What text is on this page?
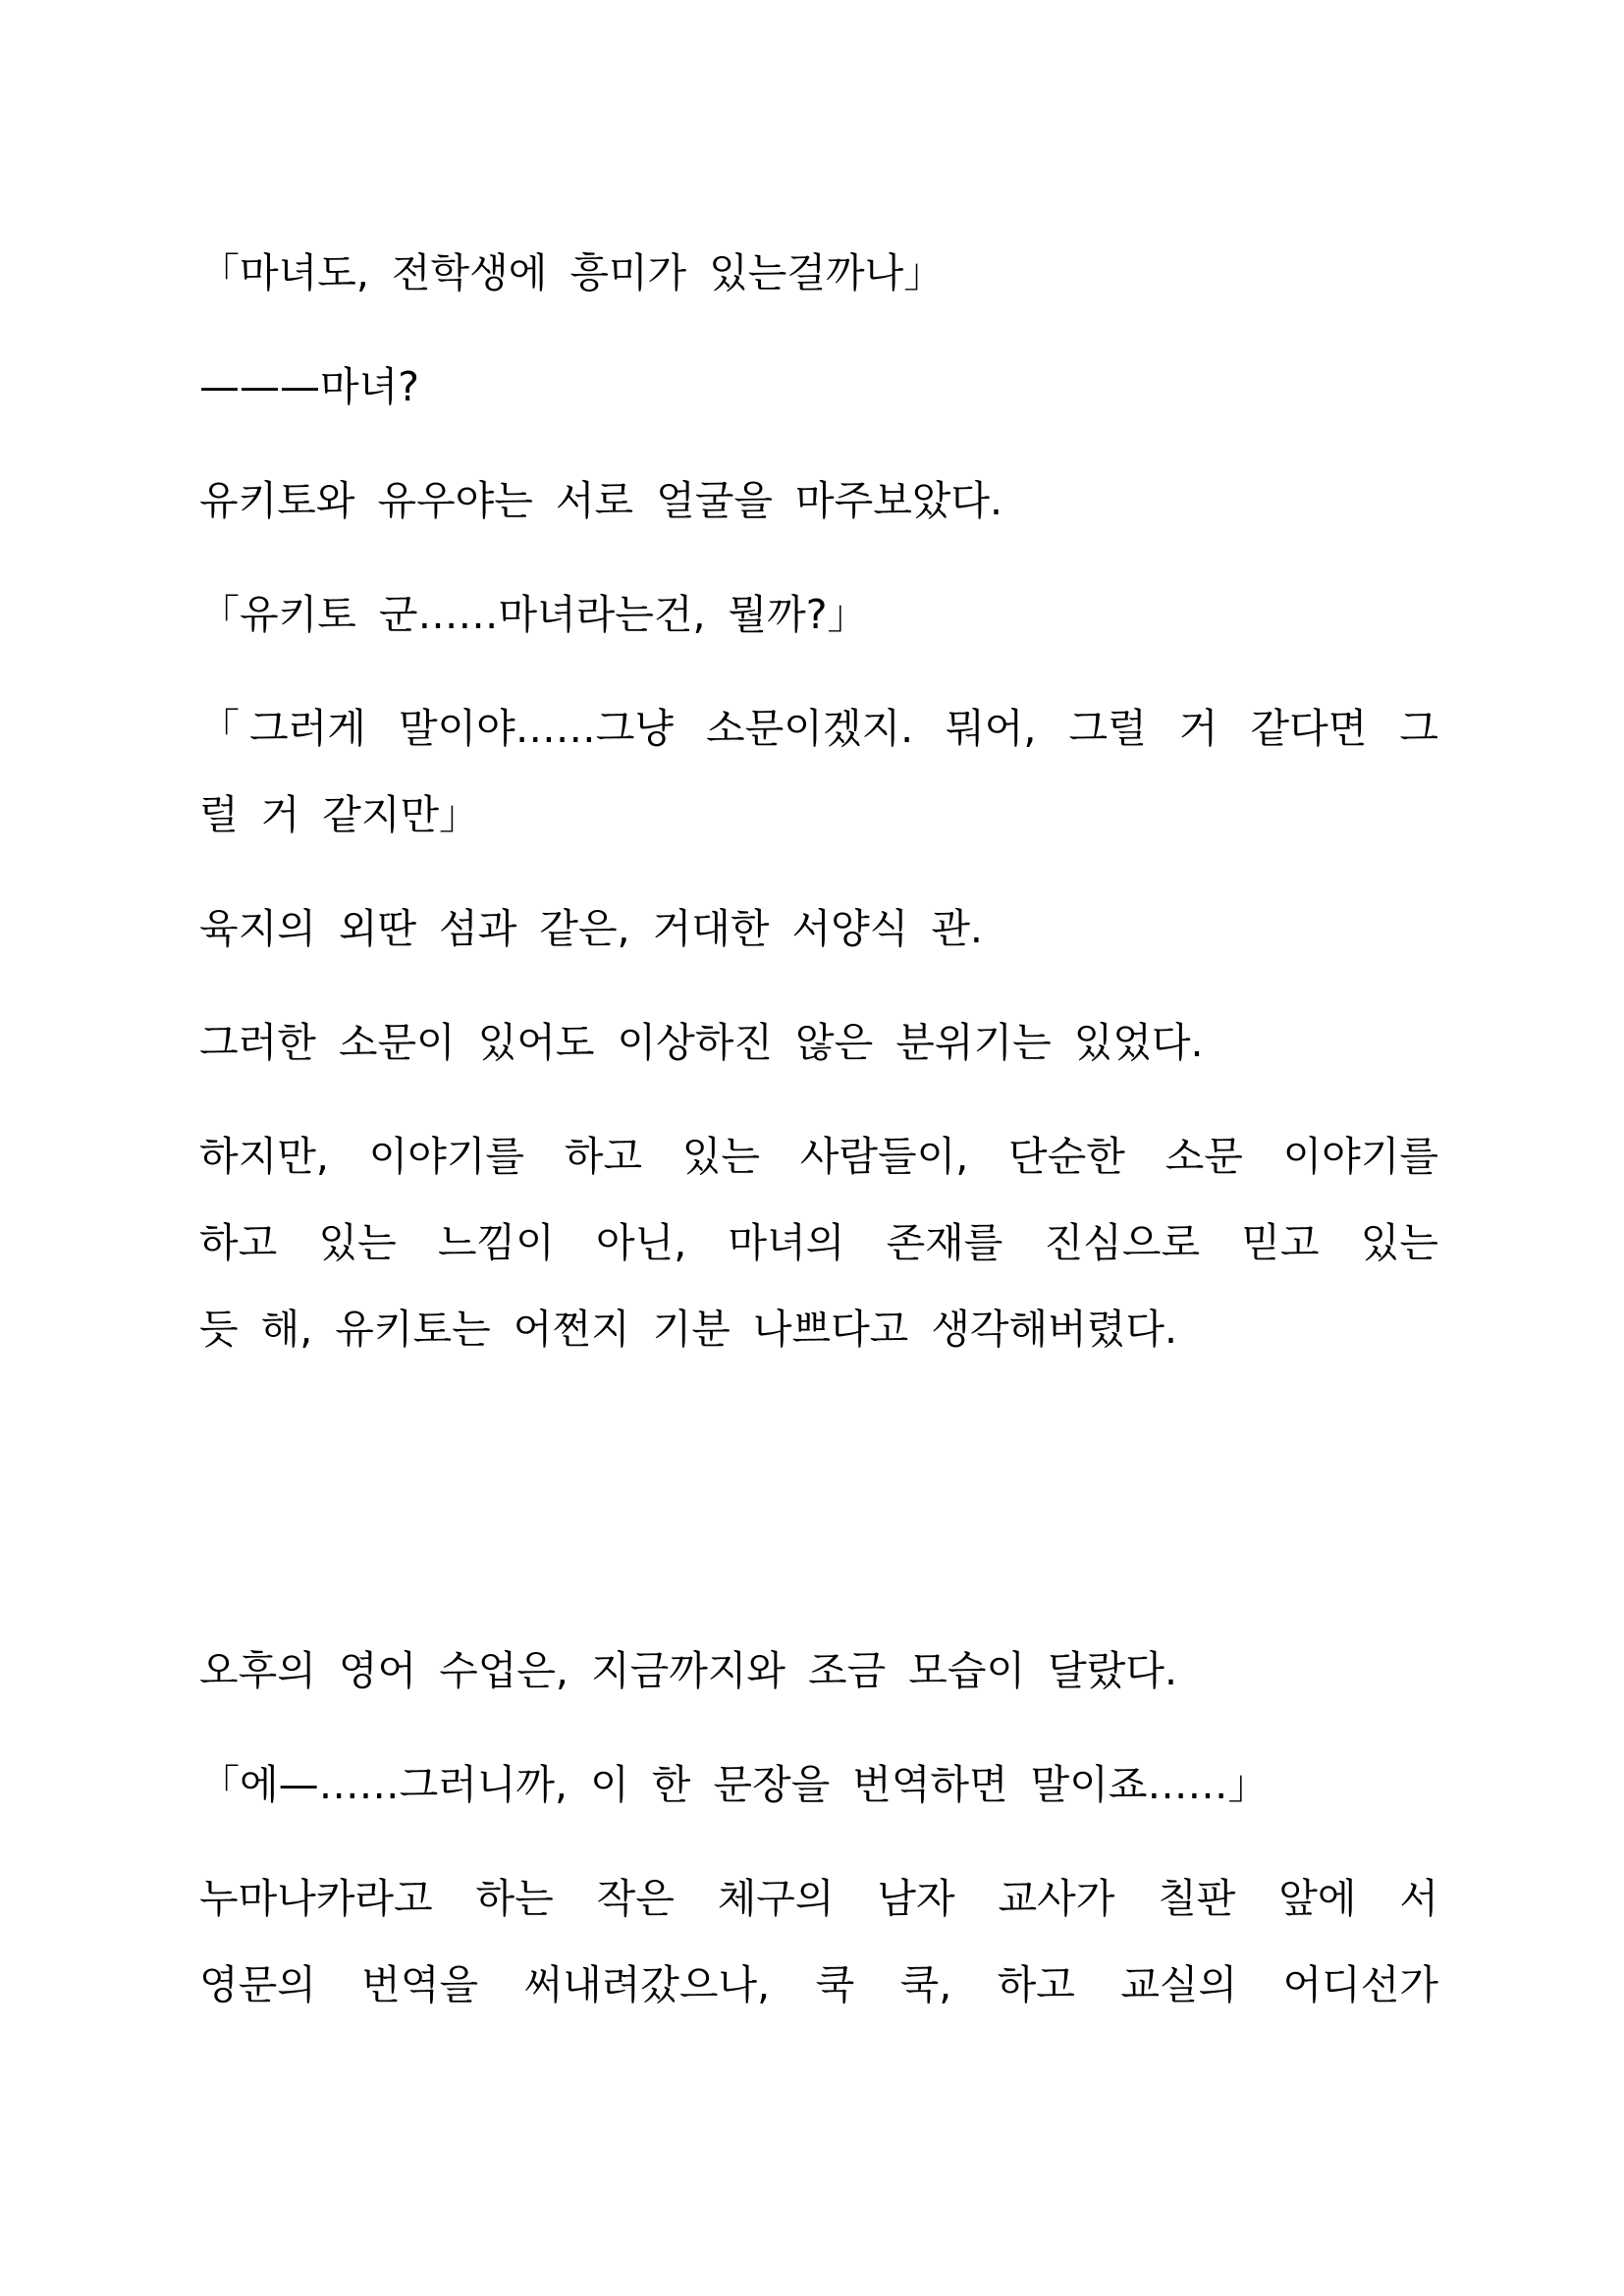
「마녀도, 전학생에 흥미가 있는걸까나」

———마녀?

유키토와 유우야는 서로 얼굴을 마주보았다.

「유키토 군……마녀라는건, 뭘까?」

「그러게 말이야……그냥 소문이겠지. 뭐어, 그럴 거 같다면 그

럴 거 같지만」

육지의 외딴 섬과 같은, 거대한 서양식 관.

그러한 소문이 있어도 이상하진 않은 분위기는 있었다.

하지만, 이야기를 하고 있는 사람들이, 단순한 소문 이야기를

하고 있는 느낌이 아닌, 마녀의 존재를 진심으로 믿고 있는

듯 해, 유키토는 어쩐지 기분 나쁘다고 생각해버렸다.

오후의 영어 수업은, 지금까지와 조금 모습이 달랐다.

「에—……그러니까, 이 한 문장을 번역하면 말이죠……」

누마나카라고 하는 작은 체구의 남자 교사가 칠판 앞에 서

영문의 번역을 써내려갔으나, 쿡 쿡, 하고 교실의 어디선가
